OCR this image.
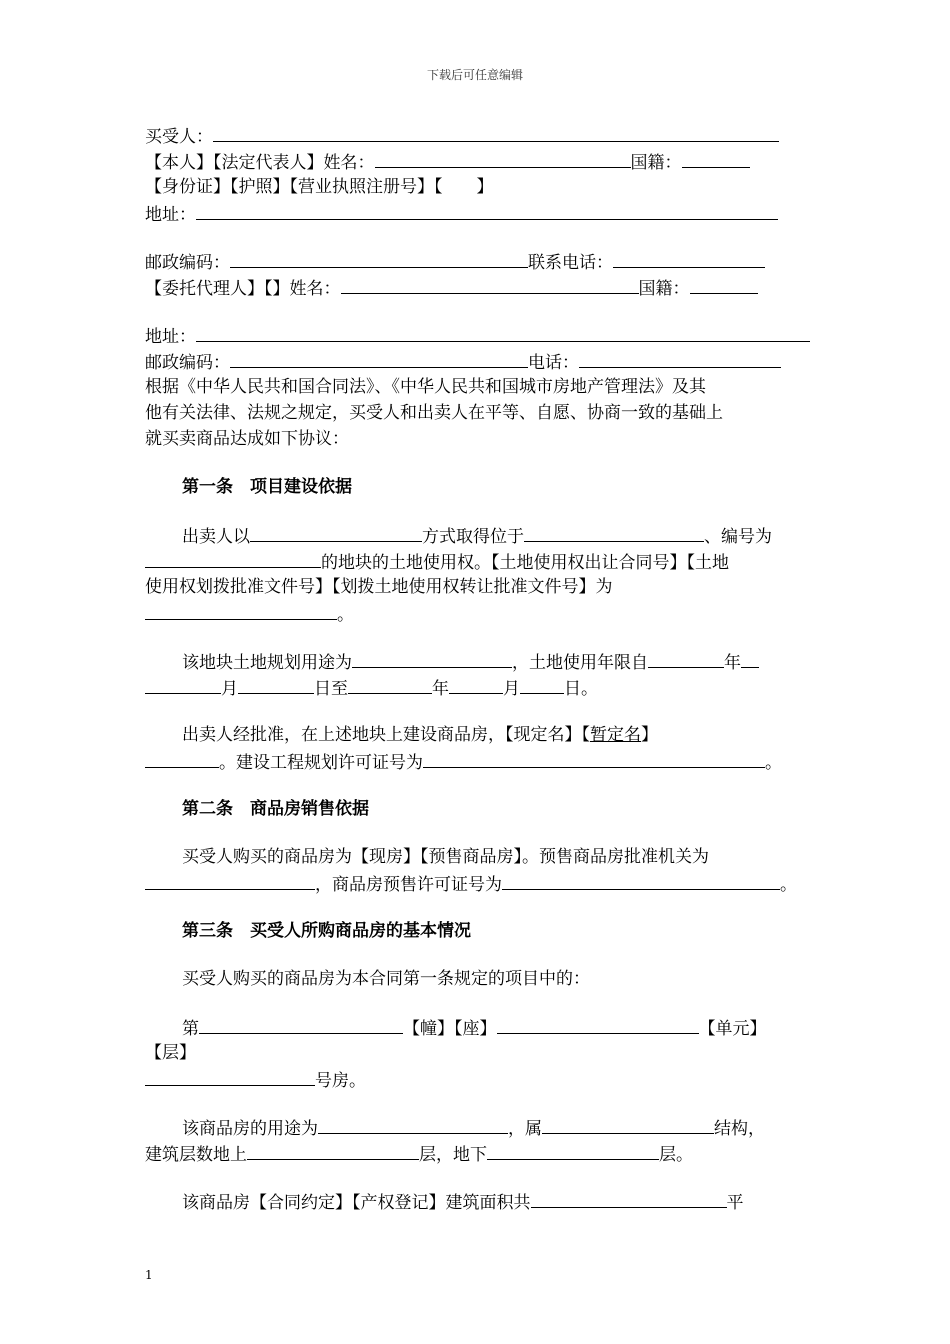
下载后可任意编辑
买受人：
【本人】【法定代表人】姓名：	国籍：
【身份证】【护照】【营业执照注册号】【 】
地址：
邮政编码：	联系电话：
【委托代理人】【】姓名：	国籍：
地址：
邮政编码：	电话：
根据《中华人民共和国合同法》、《中华人民共和国城市房地产管理法》及其
他有关法律、法规之规定，买受人和出卖人在平等、自愿、协商一致的基础上
就买卖商品达成如下协议：
第一条　项目建设依据
出卖人以	方式取得位于	、编号为
的地块的土地使用权。【土地使用权出让合同号】【土地
使用权划拨批准文件号】【划拨土地使用权转让批准文件号】为
。
该地块土地规划用途为	，土地使用年限自	年
月	日至	年	月	日。
出卖人经批准，在上述地块上建设商品房，【现定名】【暂定名】
。建设工程规划许可证号为	。
第二条　商品房销售依据
买受人购买的商品房为【现房】【预售商品房】。预售商品房批准机关为
，商品房预售许可证号为	。
第三条　买受人所购商品房的基本情况
买受人购买的商品房为本合同第一条规定的项目中的：
第	【幢】【座】	【单元】
【层】
号房。
该商品房的用途为	，属	结构，
建筑层数地上	层，地下	层。
该商品房【合同约定】【产权登记】建筑面积共	平
1
